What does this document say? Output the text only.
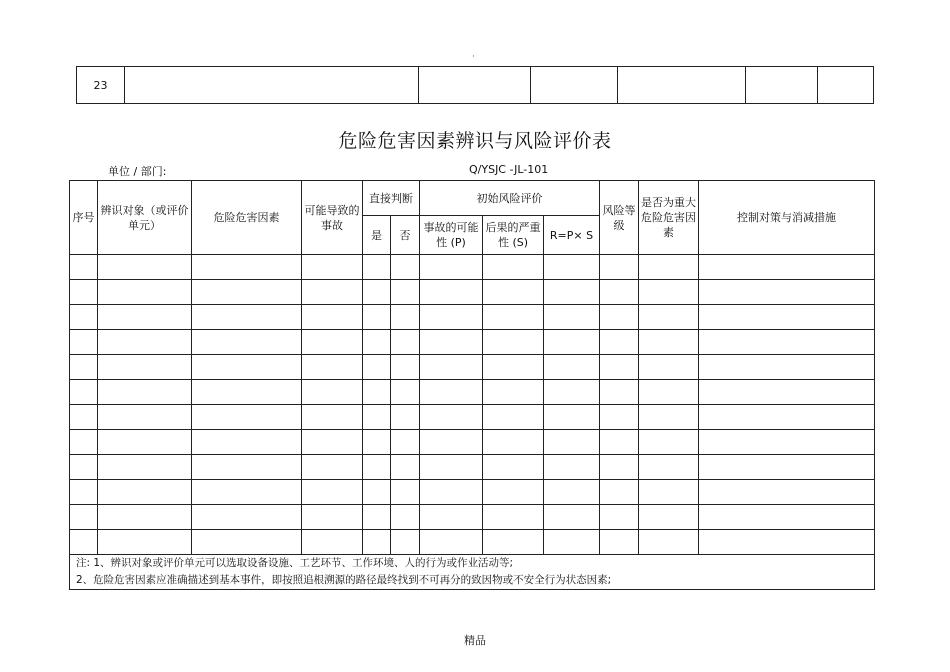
·
23						
危险危害因素辨识与风险评价表
单位 / 部门:	Q/YSJC -JL-101
序号	辨识对象（或评价单元）	危险危害因素	可能导致的事故	直接判断		初始风险评价			风险等级	是否为重大危险危害因素	控制对策与消减措施
				是	否	事故的可能性 (P)	后果的严重性 (S)	R=P× S			

注: 1、辨识对象或评价单元可以选取设备设施、工艺环节、工作环境、人的行为或作业活动等;											
2、危险危害因素应准确描述到基本事件，即按照追根溯源的路径最终找到不可再分的致因物或不安全行为状态因素;											
精品
